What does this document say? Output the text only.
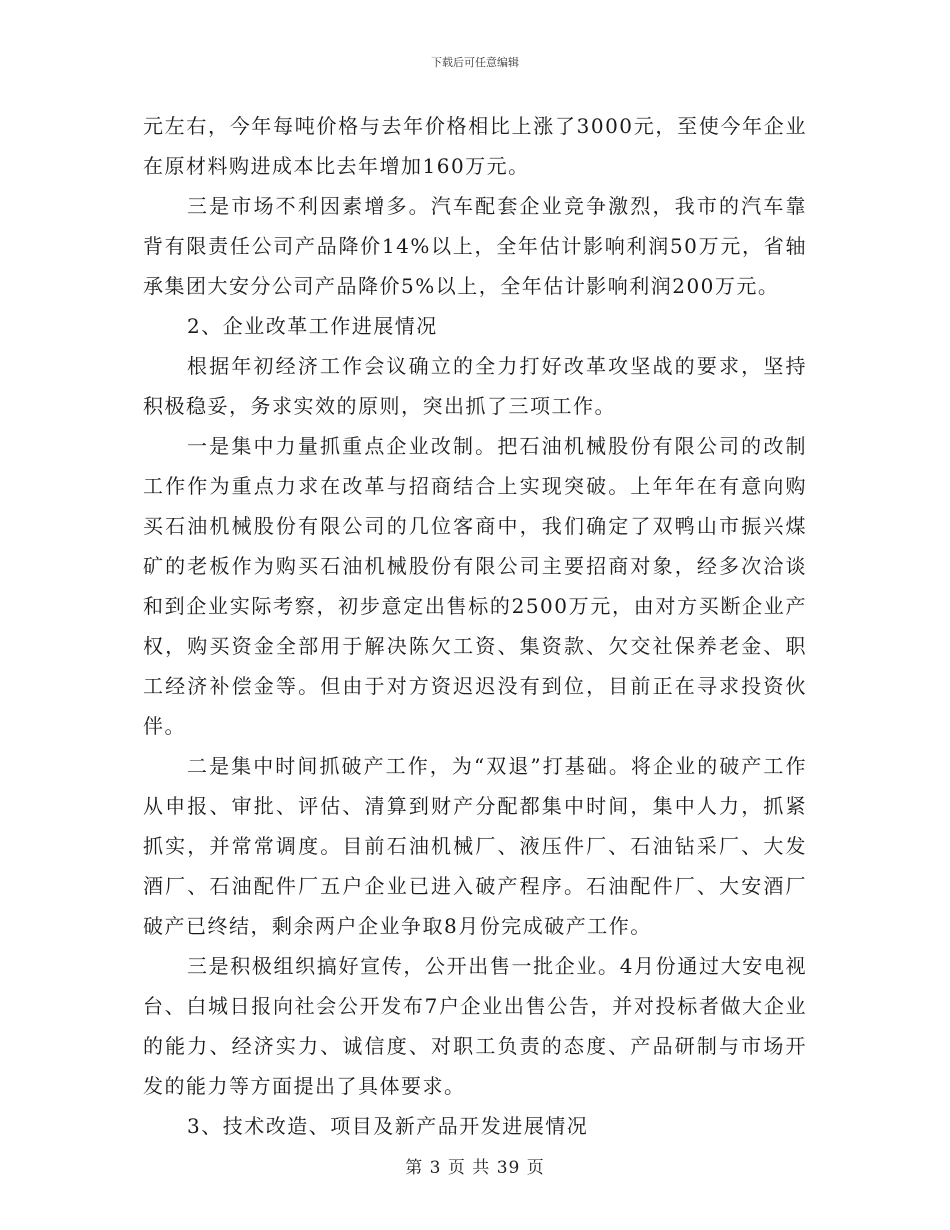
下载后可任意编辑

元左右，今年每吨价格与去年价格相比上涨了3000元，至使今年企业在原材料购进成本比去年增加160万元。

三是市场不利因素增多。汽车配套企业竞争激烈，我市的汽车靠背有限责任公司产品降价14%以上，全年估计影响利润50万元，省轴承集团大安分公司产品降价5%以上，全年估计影响利润200万元。

2、企业改革工作进展情况

根据年初经济工作会议确立的全力打好改革攻坚战的要求，坚持积极稳妥，务求实效的原则，突出抓了三项工作。

一是集中力量抓重点企业改制。把石油机械股份有限公司的改制工作作为重点力求在改革与招商结合上实现突破。上年年在有意向购买石油机械股份有限公司的几位客商中，我们确定了双鸭山市振兴煤矿的老板作为购买石油机械股份有限公司主要招商对象，经多次洽谈和到企业实际考察，初步意定出售标的2500万元，由对方买断企业产权，购买资金全部用于解决陈欠工资、集资款、欠交社保养老金、职工经济补偿金等。但由于对方资迟迟没有到位，目前正在寻求投资伙伴。

二是集中时间抓破产工作，为“双退”打基础。将企业的破产工作从申报、审批、评估、清算到财产分配都集中时间，集中人力，抓紧抓实，并常常调度。目前石油机械厂、液压件厂、石油钻采厂、大发酒厂、石油配件厂五户企业已进入破产程序。石油配件厂、大安酒厂破产已终结，剩余两户企业争取8月份完成破产工作。

三是积极组织搞好宣传，公开出售一批企业。4月份通过大安电视台、白城日报向社会公开发布7户企业出售公告，并对投标者做大企业的能力、经济实力、诚信度、对职工负责的态度、产品研制与市场开发的能力等方面提出了具体要求。

3、技术改造、项目及新产品开发进展情况

第 3 页 共 39 页
